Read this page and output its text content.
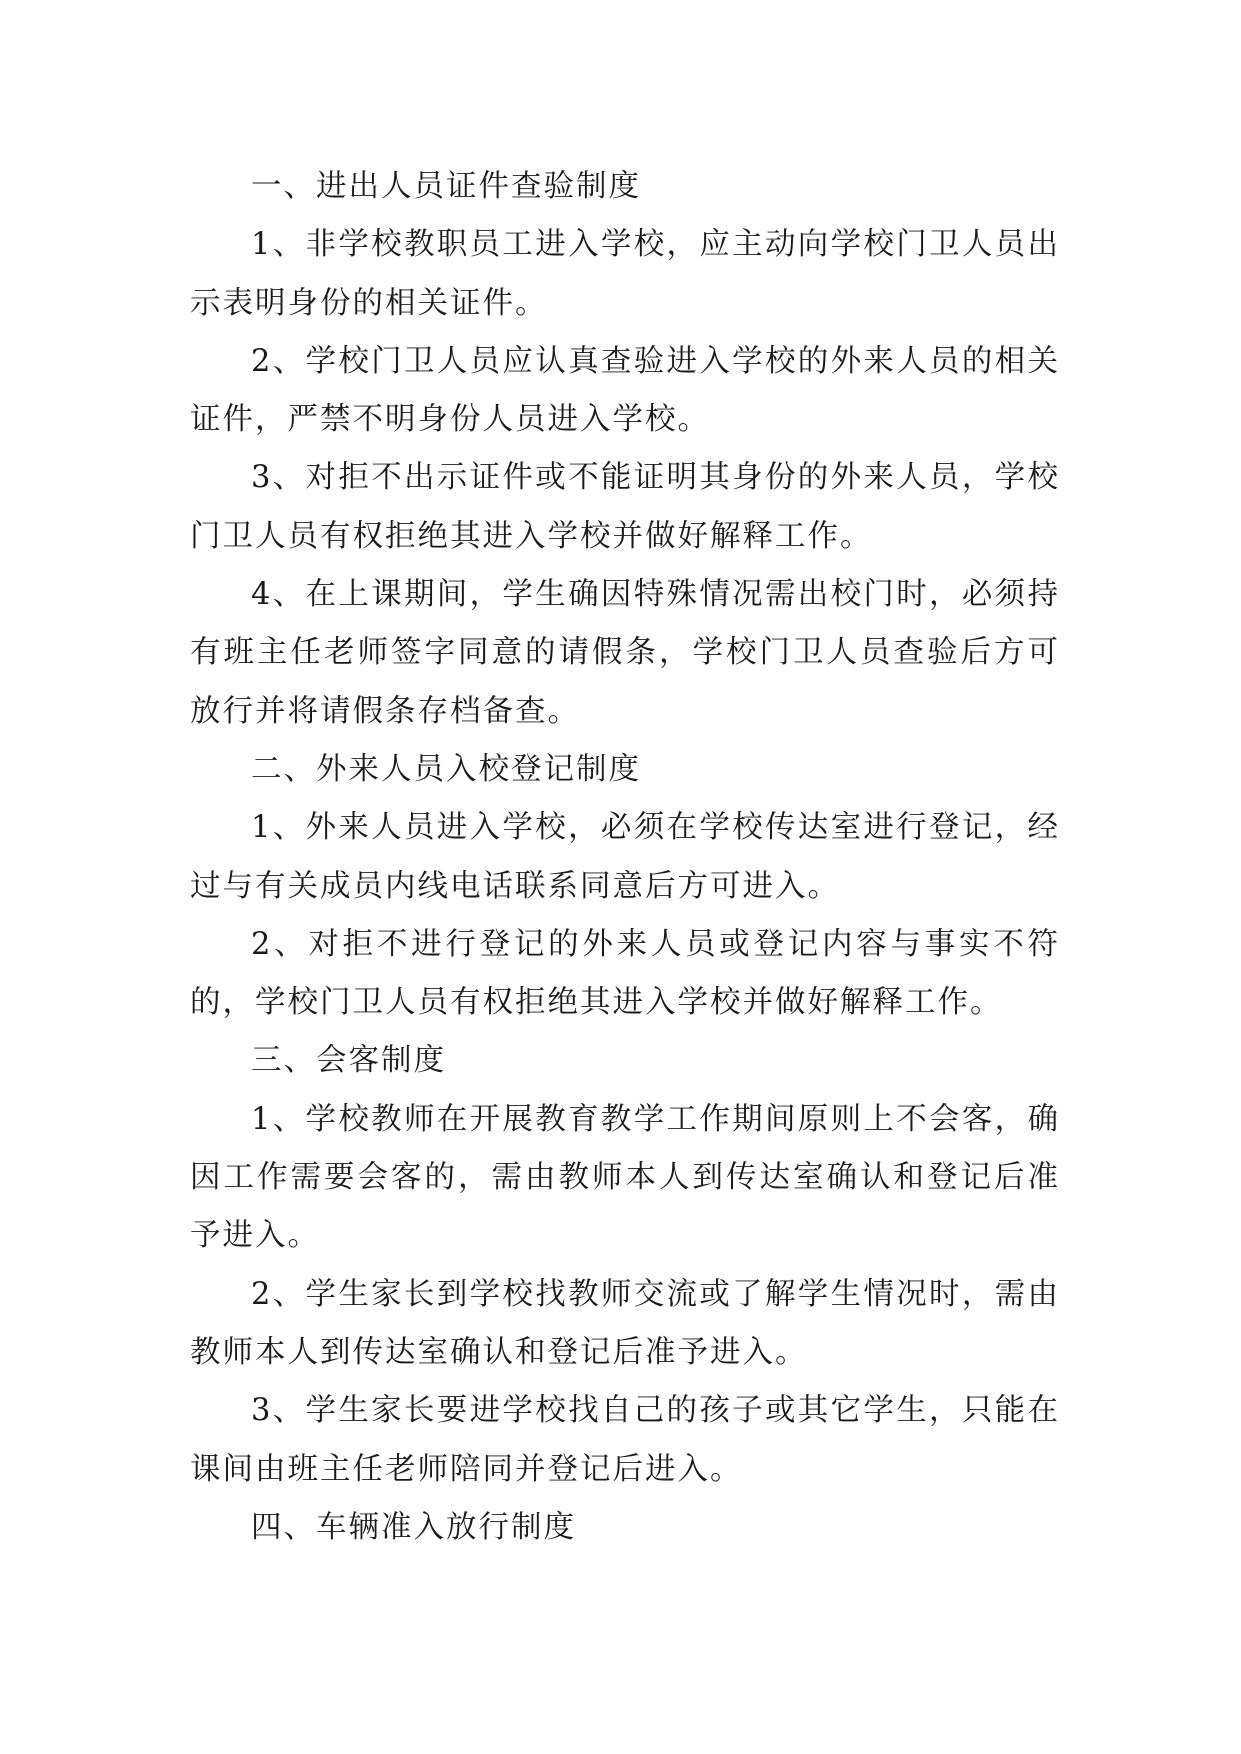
一、进出人员证件查验制度

1、非学校教职员工进入学校，应主动向学校门卫人员出示表明身份的相关证件。

2、学校门卫人员应认真查验进入学校的外来人员的相关证件，严禁不明身份人员进入学校。

3、对拒不出示证件或不能证明其身份的外来人员，学校门卫人员有权拒绝其进入学校并做好解释工作。

4、在上课期间，学生确因特殊情况需出校门时，必须持有班主任老师签字同意的请假条，学校门卫人员查验后方可放行并将请假条存档备查。

二、外来人员入校登记制度

1、外来人员进入学校，必须在学校传达室进行登记，经过与有关成员内线电话联系同意后方可进入。

2、对拒不进行登记的外来人员或登记内容与事实不符的，学校门卫人员有权拒绝其进入学校并做好解释工作。

三、会客制度

1、学校教师在开展教育教学工作期间原则上不会客，确因工作需要会客的，需由教师本人到传达室确认和登记后准予进入。

2、学生家长到学校找教师交流或了解学生情况时，需由教师本人到传达室确认和登记后准予进入。

3、学生家长要进学校找自己的孩子或其它学生，只能在课间由班主任老师陪同并登记后进入。

四、车辆准入放行制度
